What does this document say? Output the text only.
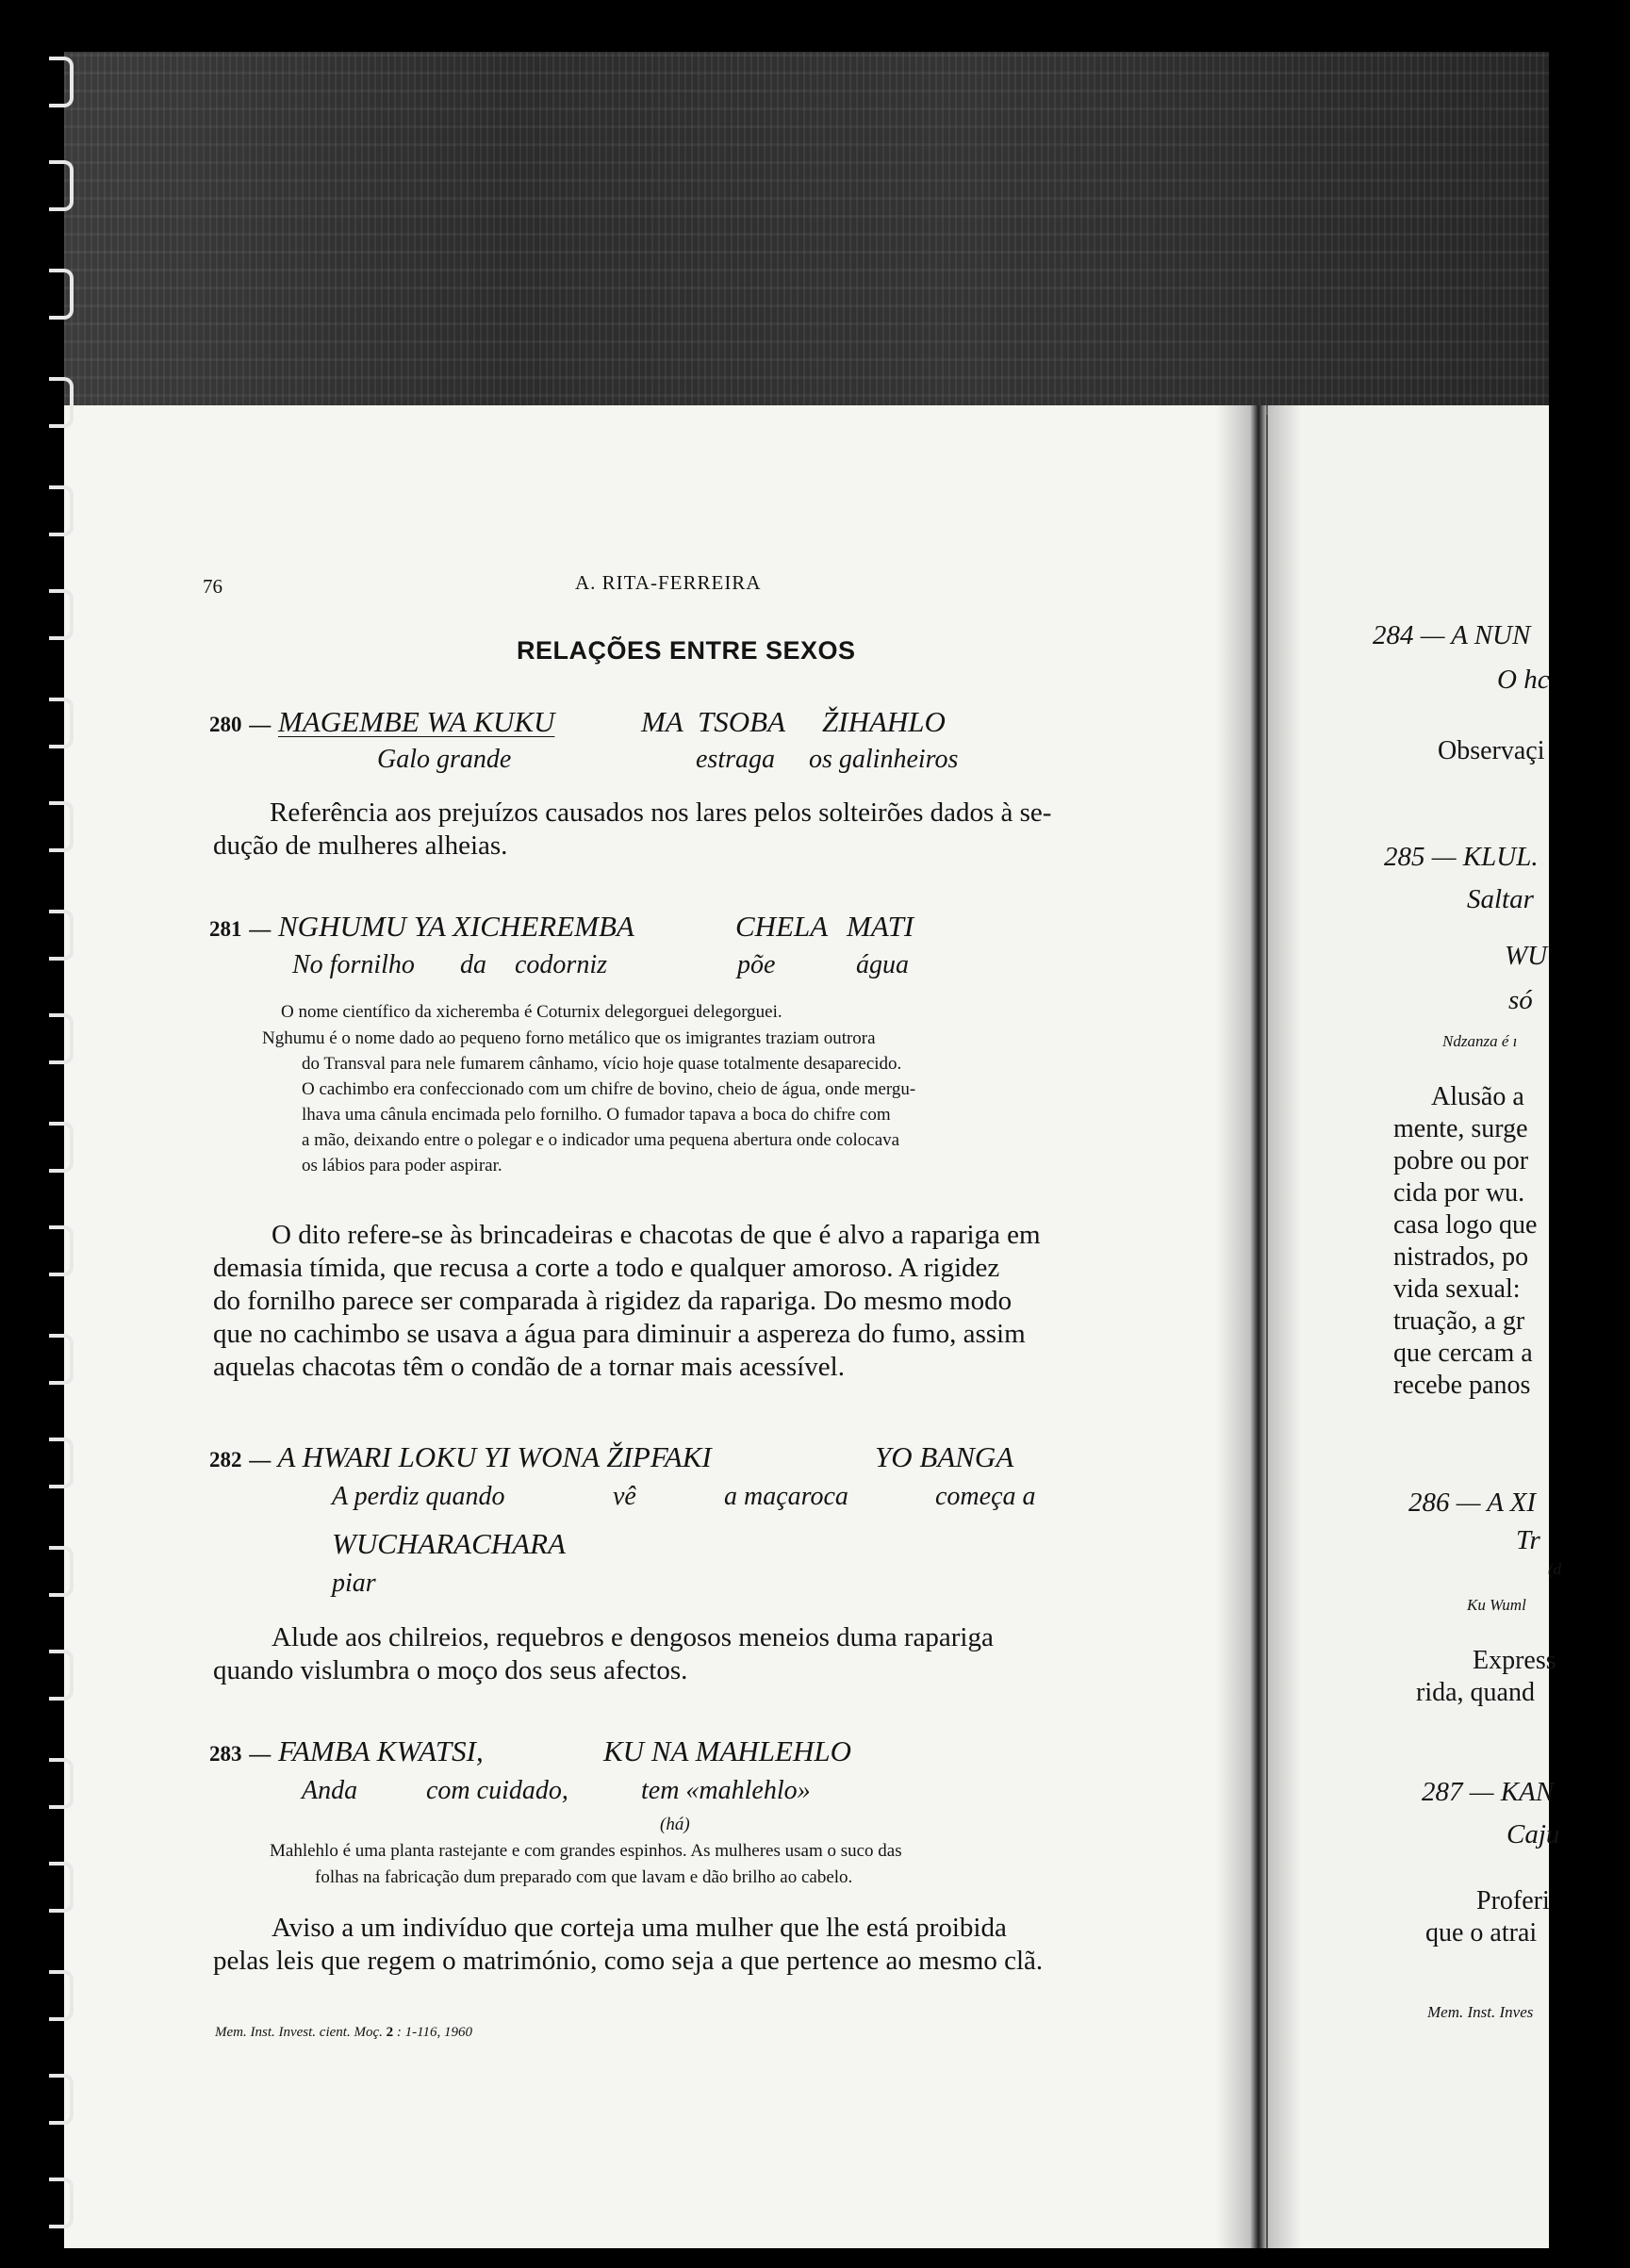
76	A. RITA-FERREIRA
RELAÇÕES ENTRE SEXOS
280 — MAGEMBE WA KUKU	MA TSOBA ŽIHAHLO
Galo grande	estraga os galinheiros
Referência aos prejuízos causados nos lares pelos solteirões dados à se-
dução de mulheres alheias.
281 — NGHUMU YA XICHEREMBA	CHELA MATI
No fornilho da codorniz	põe	água
O nome científico da xicheremba é Coturnix delegorguei delegorguei.
Nghumu é o nome dado ao pequeno forno metálico que os imigrantes traziam outrora
do Transval para nele fumarem cânhamo, vício hoje quase totalmente desaparecido.
O cachimbo era confeccionado com um chifre de bovino, cheio de água, onde mergu-
lhava uma cânula encimada pelo fornilho. O fumador tapava a boca do chifre com
a mão, deixando entre o polegar e o indicador uma pequena abertura onde colocava
os lábios para poder aspirar.
O dito refere-se às brincadeiras e chacotas de que é alvo a rapariga em
demasia tímida, que recusa a corte a todo e qualquer amoroso. A rigidez
do fornilho parece ser comparada à rigidez da rapariga. Do mesmo modo
que no cachimbo se usava a água para diminuir a aspereza do fumo, assim
aquelas chacotas têm o condão de a tornar mais acessível.
282 — A HWARI LOKU YI WONA ŽIPFAKI	YO BANGA
A perdiz quando	vê	a maçaroca	começa a
WUCHARACHARA
piar
Alude aos chilreios, requebros e dengosos meneios duma rapariga
quando vislumbra o moço dos seus afectos.
283 — FAMBA KWATSI,	KU NA MAHLEHLO
Anda	com cuidado,	tem «mahlehlo»
(há)
Mahlehlo é uma planta rastejante e com grandes espinhos. As mulheres usam o suco das
folhas na fabricação dum preparado com que lavam e dão brilho ao cabelo.
Aviso a um indivíduo que corteja uma mulher que lhe está proibida
pelas leis que regem o matrimónio, como seja a que pertence ao mesmo clã.
Mem. Inst. Invest. cient. Moç. 2 : 1-116, 1960
284 — A NUN
O hc
Observaçi
285 — KLUL.
Saltar
WU
só
Ndzanza é ı
Alusão a
mente, surge
pobre ou por
cida por wu.
casa logo que
nistrados, po
vida sexual:
truação, a gr
que cercam a
recebe panos
286 — A XI
Tr
(d
Ku Wuml
Express
rida, quand
287 — KAN
Caju
Proferi
que o atrai
Mem. Inst. Inves
